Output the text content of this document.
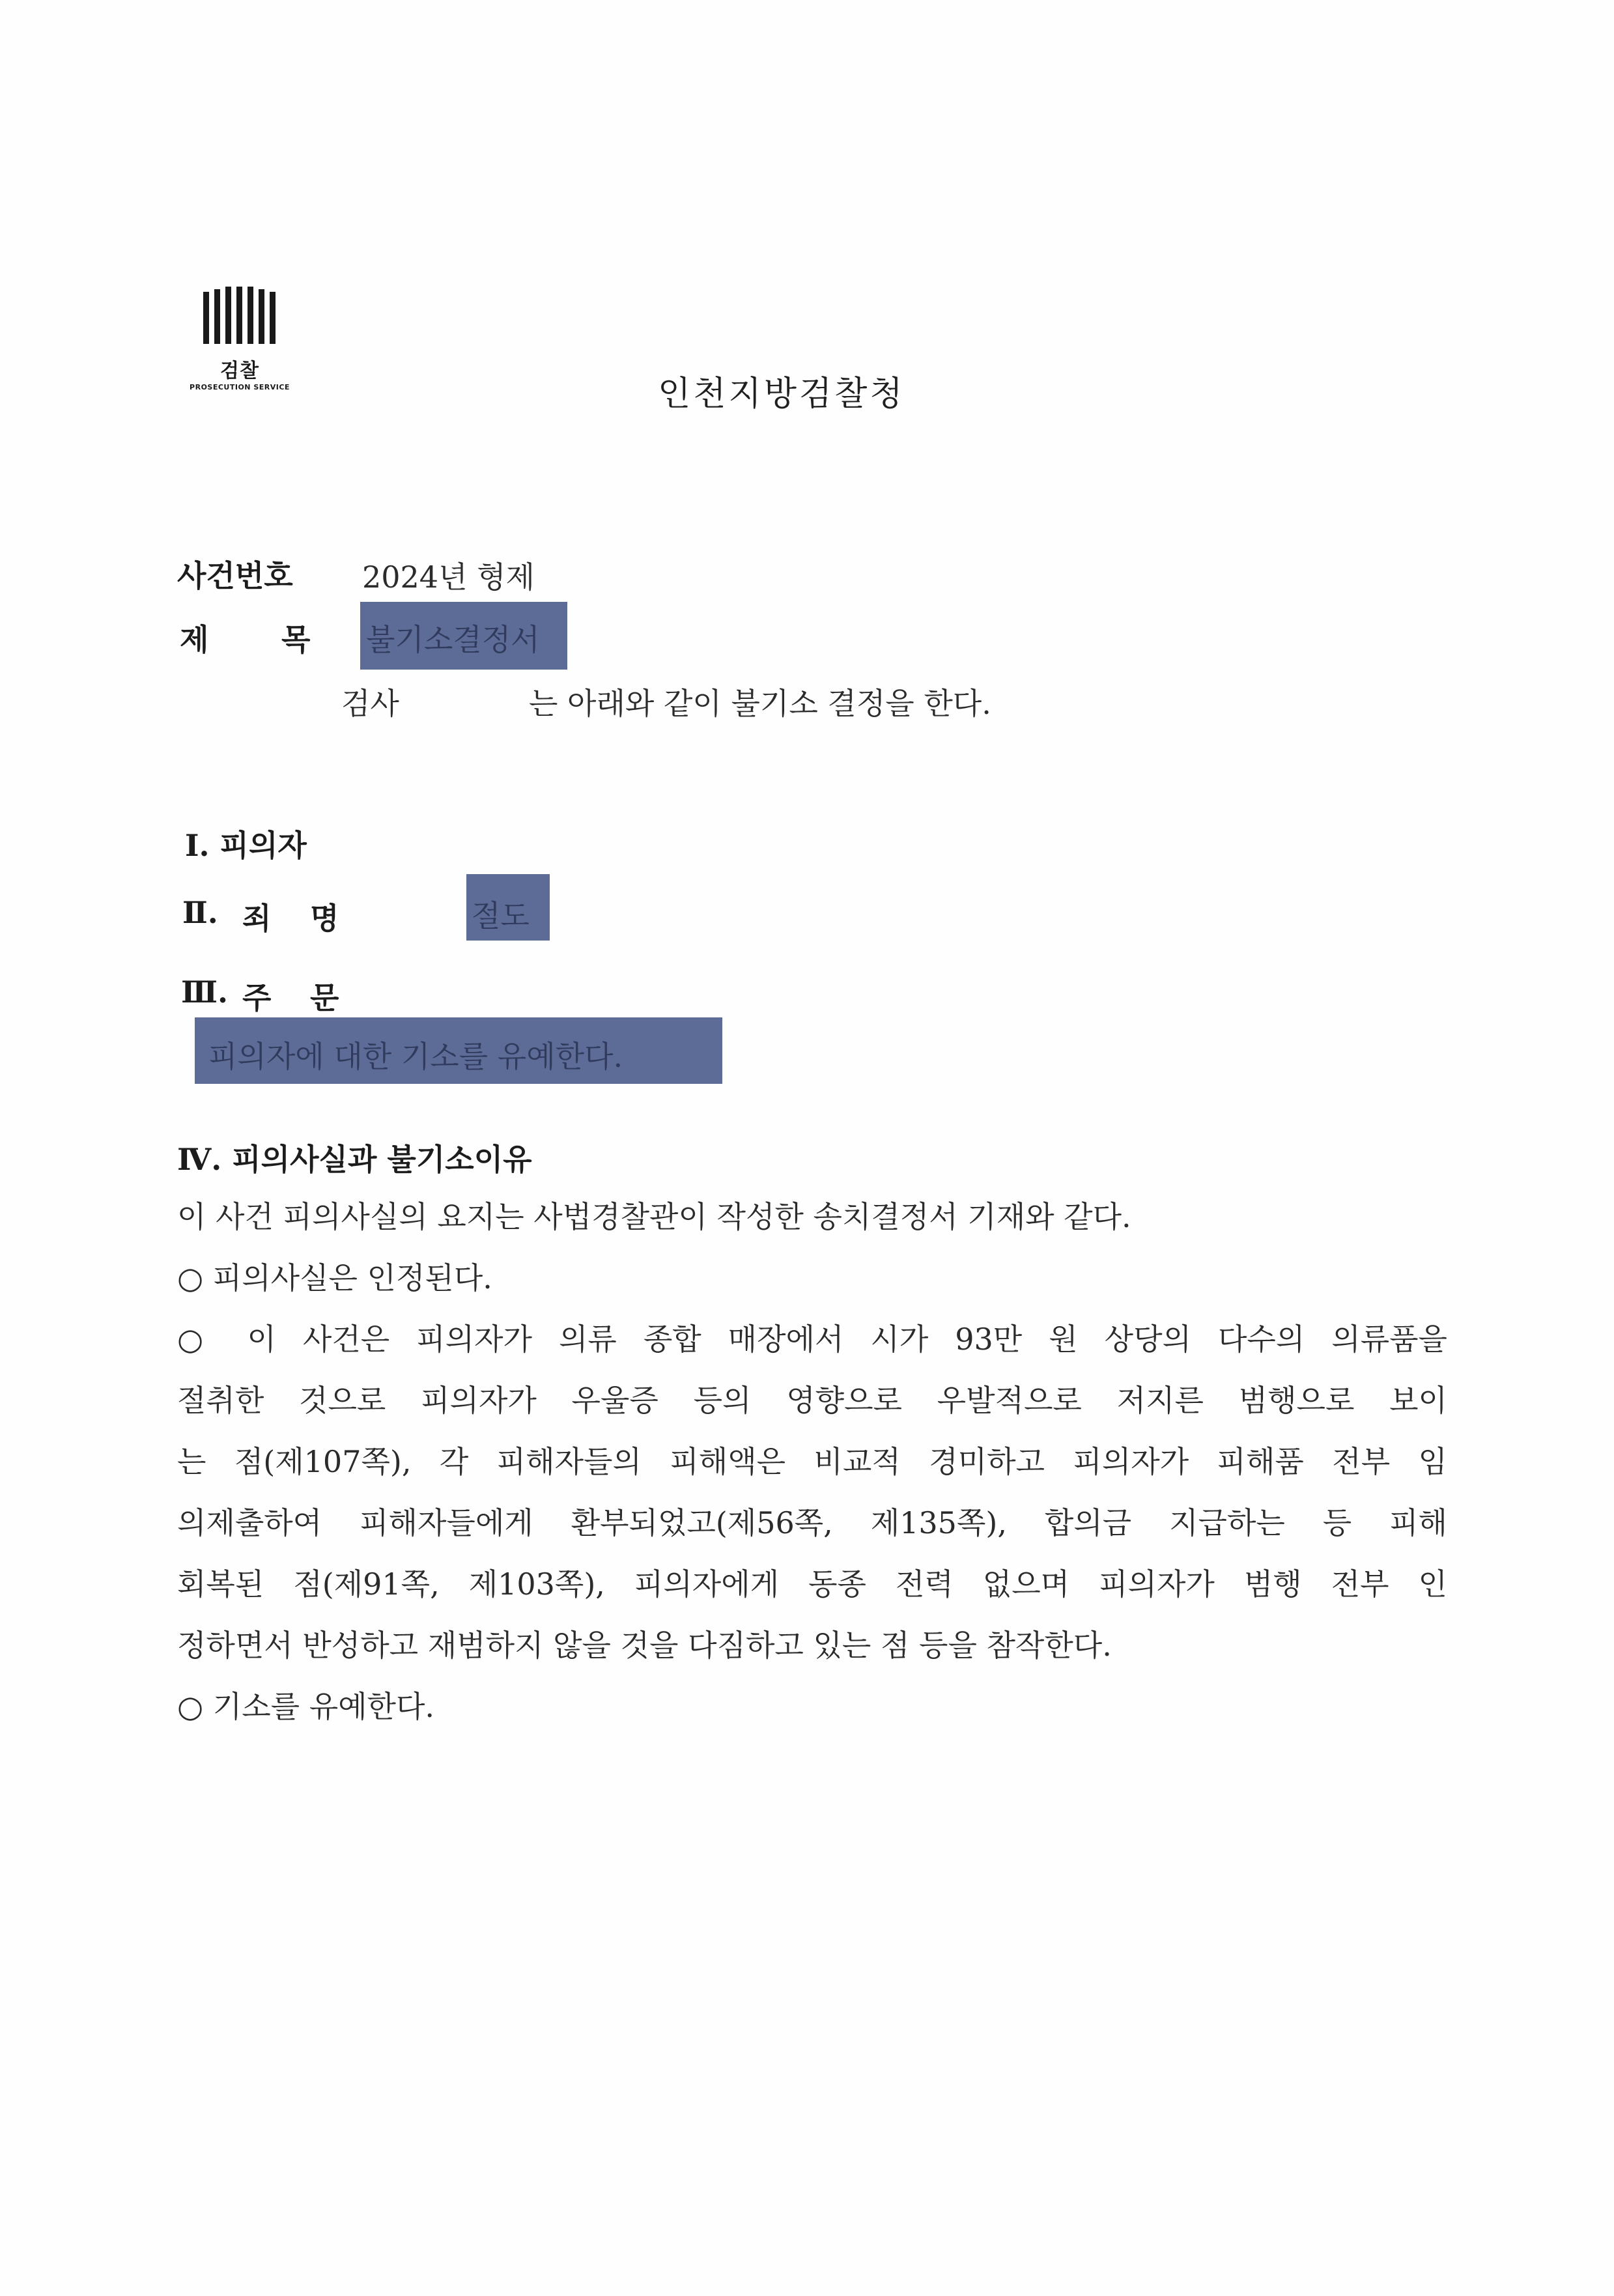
검찰
PROSECUTION SERVICE	인천지방검찰청
사건번호 2024년 형제
제 목 불기소결정서
검사	는 아래와 같이 불기소 결정을 한다.
Ⅰ. 피의자
Ⅱ. 죄 명	절도
Ⅲ. 주 문
피의자에 대한 기소를 유예한다.
Ⅳ. 피의사실과 불기소이유
이 사건 피의사실의 요지는 사법경찰관이 작성한 송치결정서 기재와 같다.
○ 피의사실은 인정된다.
○ 이 사건은 피의자가 의류 종합 매장에서 시가 93만 원 상당의 다수의 의류품을
절취한 것으로 피의자가 우울증 등의 영향으로 우발적으로 저지른 범행으로 보이
는 점(제107쪽), 각 피해자들의 피해액은 비교적 경미하고 피의자가 피해품 전부 임
의제출하여 피해자들에게 환부되었고(제56쪽, 제135쪽), 합의금 지급하는 등 피해
회복된 점(제91쪽, 제103쪽), 피의자에게 동종 전력 없으며 피의자가 범행 전부 인
정하면서 반성하고 재범하지 않을 것을 다짐하고 있는 점 등을 참작한다.
○ 기소를 유예한다.
